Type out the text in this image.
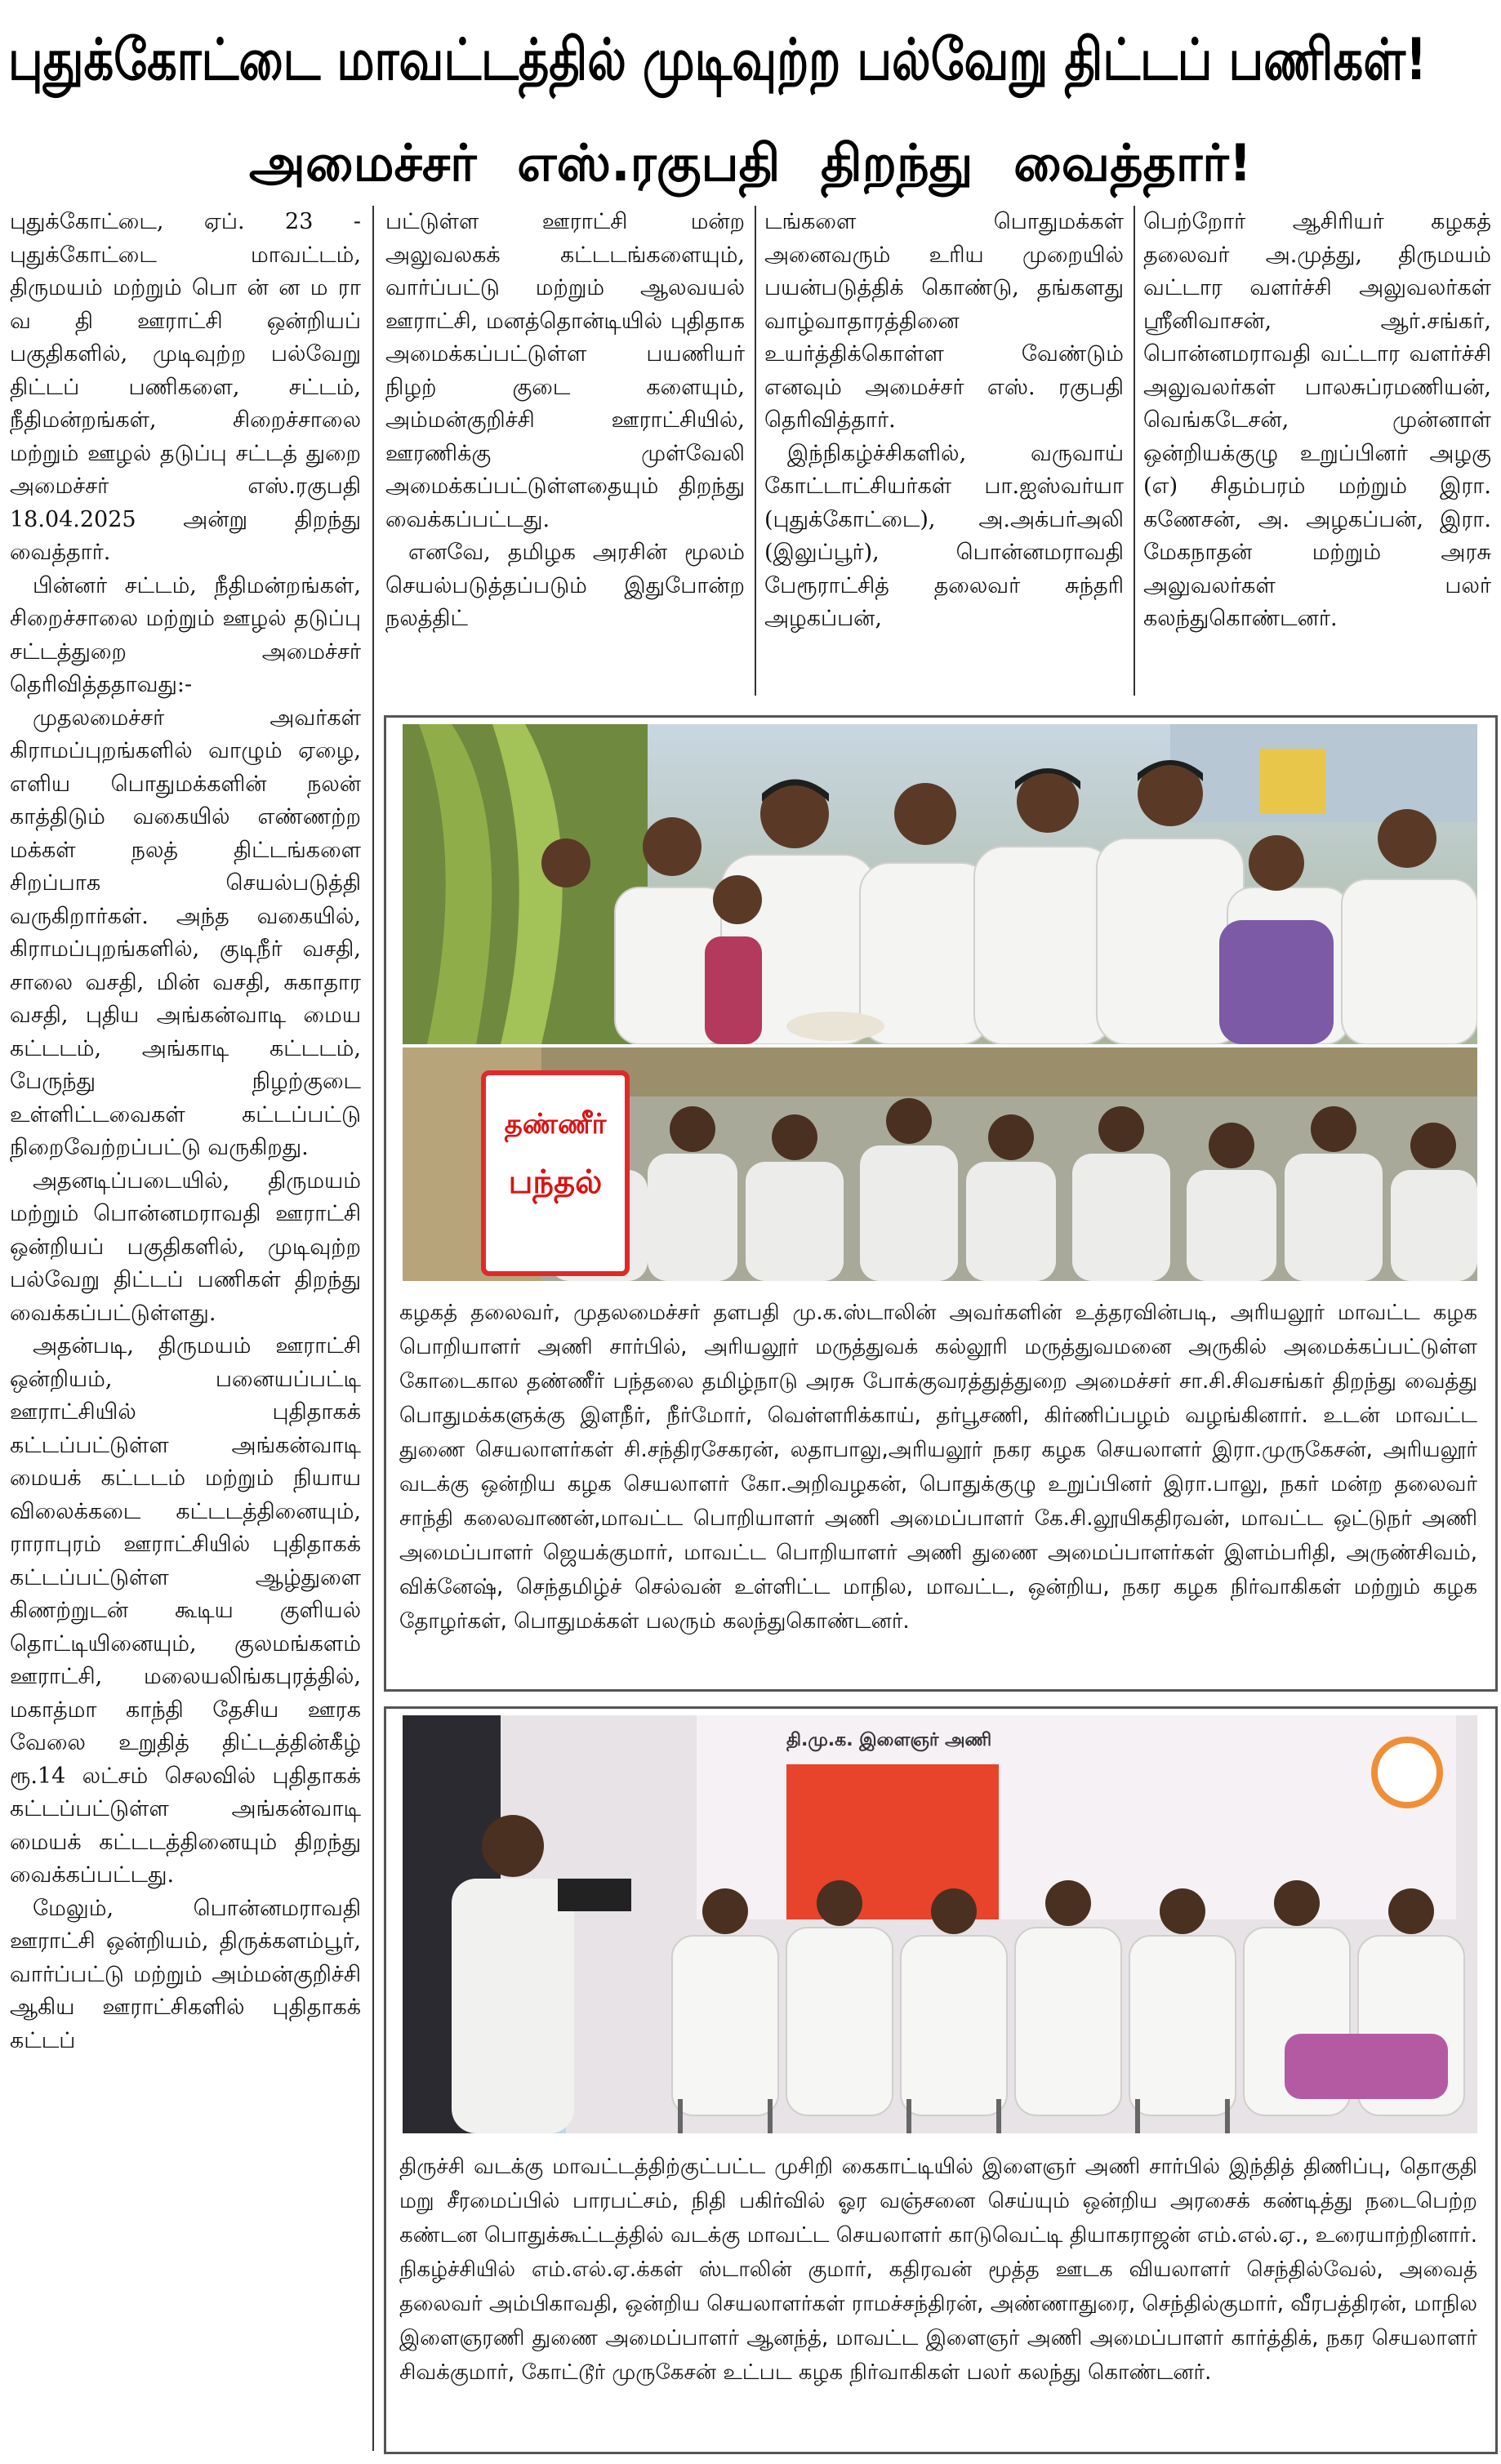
புதுக்கோட்டை மாவட்டத்தில் முடிவுற்ற பல்வேறு திட்டப் பணிகள்!
அமைச்சர் எஸ்.ரகுபதி திறந்து வைத்தார்!

புதுக்கோட்டை, ஏப். 23 - புதுக்கோட்டை மாவட்டம், திருமயம் மற்றும் பொ ன் ன ம ரா வ தி ஊராட்சி ஒன்றியப் பகுதிகளில், முடிவுற்ற பல்வேறு திட்டப் பணிகளை, சட்டம், நீதிமன்றங்கள், சிறைச்சாலை மற்றும் ஊழல் தடுப்பு சட்டத் துறை அமைச்சர் எஸ்.ரகுபதி 18.04.2025 அன்று திறந்து வைத்தார்.

பின்னர் சட்டம், நீதிமன்றங்கள், சிறைச்சாலை மற்றும் ஊழல் தடுப்பு சட்டத்துறை அமைச்சர் தெரிவித்ததாவது:-

முதலமைச்சர் அவர்கள் கிராமப்புறங்களில் வாழும் ஏழை, எளிய பொதுமக்களின் நலன் காத்திடும் வகையில் எண்ணற்ற மக்கள் நலத் திட்டங்களை சிறப்பாக செயல்படுத்தி வருகிறார்கள். அந்த வகையில், கிராமப்புறங்களில், குடிநீர் வசதி, சாலை வசதி, மின் வசதி, சுகாதார வசதி, புதிய அங்கன்வாடி மைய கட்டடம், அங்காடி கட்டடம், பேருந்து நிழற்குடை உள்ளிட்டவைகள் கட்டப்பட்டு நிறைவேற்றப்பட்டு வருகிறது.

அதனடிப்படையில், திருமயம் மற்றும் பொன்னமராவதி ஊராட்சி ஒன்றியப் பகுதிகளில், முடிவுற்ற பல்வேறு திட்டப் பணிகள் திறந்து வைக்கப்பட்டுள்ளது.

அதன்படி, திருமயம் ஊராட்சி ஒன்றியம், பனையப்பட்டி ஊராட்சியில் புதிதாகக் கட்டப்பட்டுள்ள அங்கன்வாடி மையக் கட்டடம் மற்றும் நியாய விலைக்கடை கட்டடத்தினையும், ராராபுரம் ஊராட்சியில் புதிதாகக் கட்டப்பட்டுள்ள ஆழ்துளை கிணற்றுடன் கூடிய குளியல் தொட்டியினையும், குலமங்களம் ஊராட்சி, மலையலிங்கபுரத்தில், மகாத்மா காந்தி தேசிய ஊரக வேலை உறுதித் திட்டத்தின்கீழ் ரூ.14 லட்சம் செலவில் புதிதாகக் கட்டப்பட்டுள்ள அங்கன்வாடி மையக் கட்டடத்தினையும் திறந்து வைக்கப்பட்டது.

மேலும், பொன்னமராவதி ஊராட்சி ஒன்றியம், திருக்களம்பூர், வார்ப்பட்டு மற்றும் அம்மன்குறிச்சி ஆகிய ஊராட்சிகளில் புதிதாகக் கட்டப்

பட்டுள்ள ஊராட்சி மன்ற அலுவலகக் கட்டடங்களையும், வார்ப்பட்டு மற்றும் ஆலவயல் ஊராட்சி, மனத்தொன்டியில் புதிதாக அமைக்கப்பட்டுள்ள பயணியர் நிழற் குடை களையும், அம்மன்குறிச்சி ஊராட்சியில், ஊரணிக்கு முள்வேலி அமைக்கப்பட்டுள்ளதையும் திறந்து வைக்கப்பட்டது.

எனவே, தமிழக அரசின் மூலம் செயல்படுத்தப்படும் இதுபோன்ற நலத்திட்

டங்களை பொதுமக்கள் அனைவரும் உரிய முறையில் பயன்படுத்திக் கொண்டு, தங்களது வாழ்வாதாரத்தினை உயர்த்திக்கொள்ள வேண்டும் எனவும் அமைச்சர் எஸ். ரகுபதி தெரிவித்தார்.

இந்நிகழ்ச்சிகளில், வருவாய் கோட்டாட்சியர்கள் பா.ஐஸ்வர்யா (புதுக்கோட்டை), அ.அக்பர்அலி (இலுப்பூர்), பொன்னமராவதி பேரூராட்சித் தலைவர் சுந்தரி அழகப்பன்,

பெற்றோர் ஆசிரியர் கழகத் தலைவர் அ.முத்து, திருமயம் வட்டார வளர்ச்சி அலுவலர்கள் ஸ்ரீனிவாசன், ஆர்.சங்கர், பொன்னமராவதி வட்டார வளர்ச்சி அலுவலர்கள் பாலசுப்ரமணியன், வெங்கடேசன், முன்னாள் ஒன்றியக்குழு உறுப்பினர் அழகு (எ) சிதம்பரம் மற்றும் இரா. கணேசன், அ. அழகப்பன், இரா. மேகநாதன் மற்றும் அரசு அலுவலர்கள் பலர் கலந்துகொண்டனர்.

தண்ணீர்
பந்தல்
கழகத் தலைவர், முதலமைச்சர் தளபதி மு.க.ஸ்டாலின் அவர்களின் உத்தரவின்படி, அரியலூர் மாவட்ட கழக பொறியாளர் அணி சார்பில், அரியலூர் மருத்துவக் கல்லூரி மருத்துவமனை அருகில் அமைக்கப்பட்டுள்ள கோடைகால தண்ணீர் பந்தலை தமிழ்நாடு அரசு போக்குவரத்துத்துறை அமைச்சர் சா.சி.சிவசங்கர் திறந்து வைத்து பொதுமக்களுக்கு இளநீர், நீர்மோர், வெள்ளரிக்காய், தர்பூசணி, கிர்ணிப்பழம் வழங்கினார். உடன் மாவட்ட துணை செயலாளர்கள் சி.சந்திரசேகரன், லதாபாலு,அரியலூர் நகர கழக செயலாளர் இரா.முருகேசன், அரியலூர் வடக்கு ஒன்றிய கழக செயலாளர் கோ.அறிவழகன், பொதுக்குழு உறுப்பினர் இரா.பாலு, நகர் மன்ற தலைவர் சாந்தி கலைவாணன்,மாவட்ட பொறியாளர் அணி அமைப்பாளர் கே.சி.லூயிகதிரவன், மாவட்ட ஒட்டுநர் அணி அமைப்பாளர் ஜெயக்குமார், மாவட்ட பொறியாளர் அணி துணை அமைப்பாளர்கள் இளம்பரிதி, அருண்சிவம், விக்னேஷ், செந்தமிழ்ச் செல்வன் உள்ளிட்ட மாநில, மாவட்ட, ஒன்றிய, நகர கழக நிர்வாகிகள் மற்றும் கழக தோழர்கள், பொதுமக்கள் பலரும் கலந்துகொண்டனர்.
தி.மு.க. இளைஞர் அணி
திருச்சி வடக்கு மாவட்டத்திற்குட்பட்ட முசிறி கைகாட்டியில் இளைஞர் அணி சார்பில் இந்தித் திணிப்பு, தொகுதி மறு சீரமைப்பில் பாரபட்சம், நிதி பகிர்வில் ஓர வஞ்சனை செய்யும் ஒன்றிய அரசைக் கண்டித்து நடைபெற்ற கண்டன பொதுக்கூட்டத்தில் வடக்கு மாவட்ட செயலாளர் காடுவெட்டி தியாகராஜன் எம்.எல்.ஏ., உரையாற்றினார். நிகழ்ச்சியில் எம்.எல்.ஏ.க்கள் ஸ்டாலின் குமார், கதிரவன் மூத்த ஊடக வியலாளர் செந்தில்வேல், அவைத் தலைவர் அம்பிகாவதி, ஒன்றிய செயலாளர்கள் ராமச்சந்திரன், அண்ணாதுரை, செந்தில்குமார், வீரபத்திரன், மாநில இளைஞரணி துணை அமைப்பாளர் ஆனந்த், மாவட்ட இளைஞர் அணி அமைப்பாளர் கார்த்திக், நகர செயலாளர் சிவக்குமார், கோட்டூர் முருகேசன் உட்பட கழக நிர்வாகிகள் பலர் கலந்து கொண்டனர்.
